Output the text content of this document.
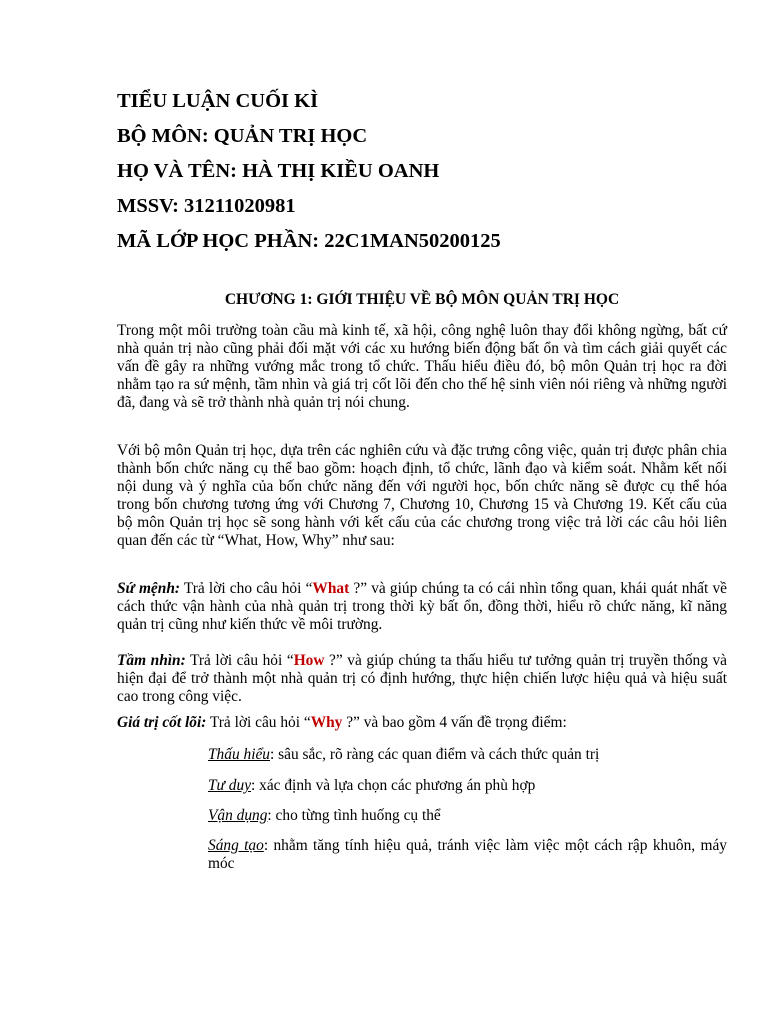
TIỂU LUẬN CUỐI KÌ
BỘ MÔN: QUẢN TRỊ HỌC
HỌ VÀ TÊN: HÀ THỊ KIỀU OANH
MSSV: 31211020981
MÃ LỚP HỌC PHẦN: 22C1MAN50200125
CHƯƠNG 1: GIỚI THIỆU VỀ BỘ MÔN QUẢN TRỊ HỌC
Trong một môi trường toàn cầu mà kinh tế, xã hội, công nghệ luôn thay đổi không ngừng, bất cứ nhà quản trị nào cũng phải đối mặt với các xu hướng biến động bất ổn và tìm cách giải quyết các vấn đề gây ra những vướng mắc trong tổ chức. Thấu hiểu điều đó, bộ môn Quản trị học ra đời nhằm tạo ra sứ mệnh, tầm nhìn và giá trị cốt lõi đến cho thế hệ sinh viên nói riêng và những người đã, đang và sẽ trở thành nhà quản trị nói chung.
Với bộ môn Quản trị học, dựa trên các nghiên cứu và đặc trưng công việc, quản trị được phân chia thành bốn chức năng cụ thể bao gồm: hoạch định, tổ chức, lãnh đạo và kiểm soát. Nhằm kết nối nội dung và ý nghĩa của bốn chức năng đến với người học, bốn chức năng sẽ được cụ thể hóa trong bốn chương tương ứng với Chương 7, Chương 10, Chương 15 và Chương 19. Kết cấu của bộ môn Quản trị học sẽ song hành với kết cấu của các chương trong việc trả lời các câu hỏi liên quan đến các từ “What, How, Why” như sau:
Sứ mệnh: Trả lời cho câu hỏi “What ?” và giúp chúng ta có cái nhìn tổng quan, khái quát nhất về cách thức vận hành của nhà quản trị trong thời kỳ bất ổn, đồng thời, hiểu rõ chức năng, kĩ năng quản trị cũng như kiến thức về môi trường.
Tầm nhìn: Trả lời câu hỏi “How ?” và giúp chúng ta thấu hiểu tư tưởng quản trị truyền thống và hiện đại để trở thành một nhà quản trị có định hướng, thực hiện chiến lược hiệu quả và hiệu suất cao trong công việc.
Giá trị cốt lõi: Trả lời câu hỏi “Why ?” và bao gồm 4 vấn đề trọng điểm:
Thấu hiểu: sâu sắc, rõ ràng các quan điểm và cách thức quản trị
Tư duy: xác định và lựa chọn các phương án phù hợp
Vận dụng: cho từng tình huống cụ thể
Sáng tạo: nhằm tăng tính hiệu quả, tránh việc làm việc một cách rập khuôn, máy móc
